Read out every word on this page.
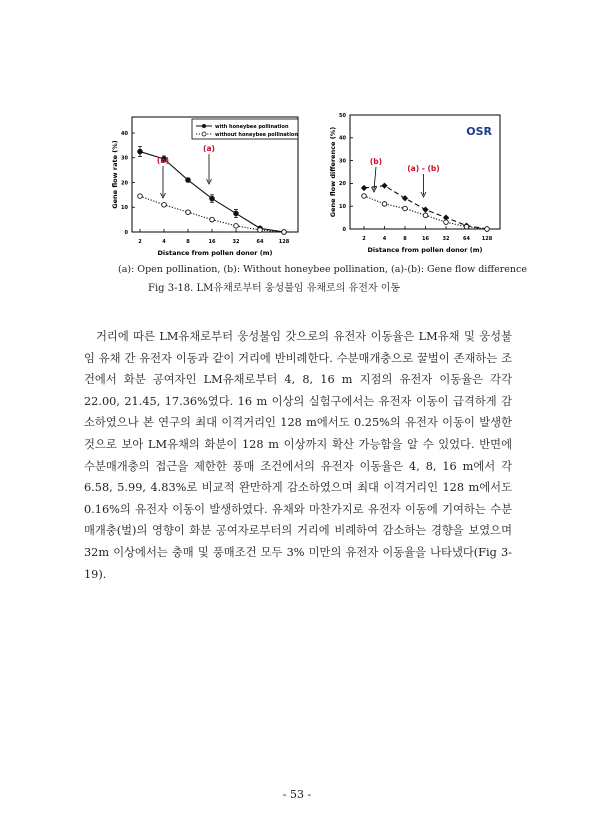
0
10
20
30
40
2	4	8	16	32	64	128
Distance from pollen donor (m)
Gene flow rate (%)
with honeybee pollination
without honeybee pollination
(a)
(b)
0
10
20
30
40
50
2	4	8	16	32	64 128
Distance from pollen donor (m)
Gene flow difference (%)	OSR
(b)
(a) - (b)
(a): Open pollination, (b): Without honeybee pollination, (a)-(b): Gene flow difference
Fig 3-18. LM유채로부터 웅성불임 유채로의 유전자 이동

거리에 따른 LM유채로부터 웅성불임 갓으로의 유전자 이동율은 LM유채 및 웅성불임 유채 간 유전자 이동과 같이 거리에 반비례한다. 수분매개충으로 꿀벌이 존재하는 조건에서 화분 공여자인 LM유채로부터 4, 8, 16 m 지점의 유전자 이동율은 각각 22.00, 21.45, 17.36%였다. 16 m 이상의 실험구에서는 유전자 이동이 급격하게 감소하였으나 본 연구의 최대 이격거리인 128 m에서도 0.25%의 유전자 이동이 발생한 것으로 보아 LM유채의 화분이 128 m 이상까지 확산 가능함을 알 수 있었다. 반면에 수분매개충의 접근을 제한한 풍매 조건에서의 유전자 이동율은 4, 8, 16 m에서 각 6.58, 5.99, 4.83%로 비교적 완만하게 감소하였으며 최대 이격거리인 128 m에서도 0.16%의 유전자 이동이 발생하였다. 유채와 마찬가지로 유전자 이동에 기여하는 수분매개충(벌)의 영향이 화분 공여자로부터의 거리에 비례하여 감소하는 경향을 보였으며 32m 이상에서는 충매 및 풍매조건 모두 3% 미만의 유전자 이동율을 나타냈다(Fig 3-19).

- 53 -
